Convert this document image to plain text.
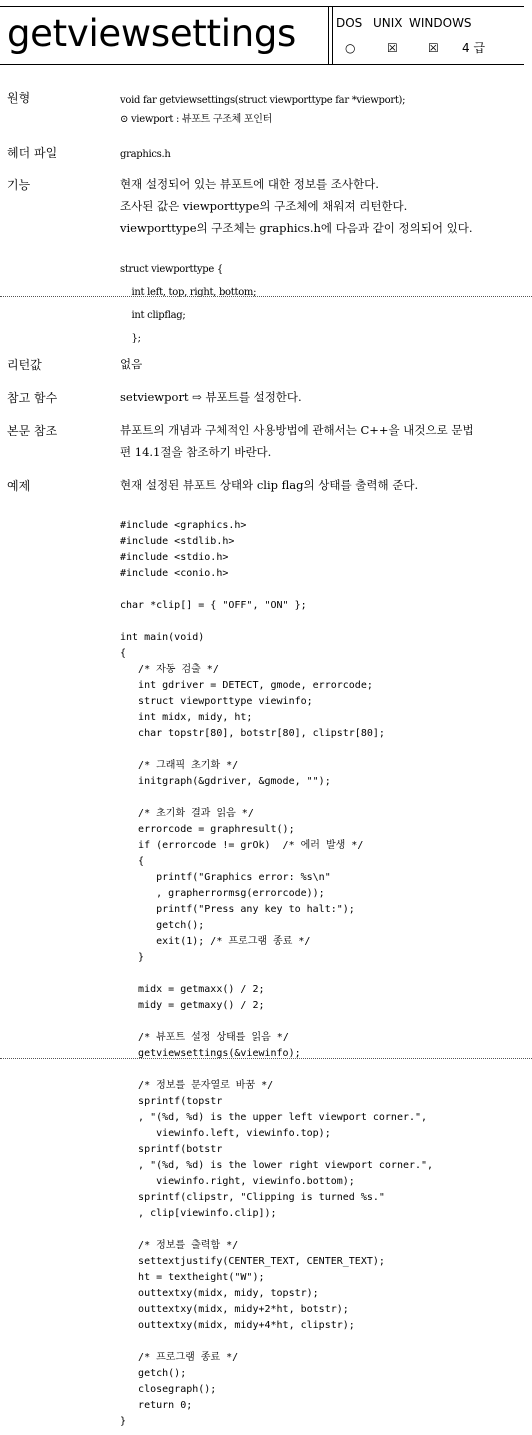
getviewsettings	DOS UNIX WINDOWS
○	☒	☒ 4 급
원형	void far getviewsettings(struct viewporttype far *viewport);
⊙ viewport : 뷰포트 구조체 포인터
헤더 파일	graphics.h
기능	현재 설정되어 있는 뷰포트에 대한 정보를 조사한다.
조사된 값은 viewporttype의 구조체에 채워져 리턴한다.
viewporttype의 구조체는 graphics.h에 다음과 같이 정의되어 있다.
struct viewporttype {
int left, top, right, bottom;
int clipflag;
};
리턴값	없음
참고 함수	setviewport ⇨ 뷰포트를 설정한다.
본문 참조	뷰포트의 개념과 구체적인 사용방법에 관해서는 C++을 내것으로 문법
편 14.1절을 참조하기 바란다.
예제	현재 설정된 뷰포트 상태와 clip flag의 상태를 출력해 준다.
#include <graphics.h>
#include <stdlib.h>
#include <stdio.h>
#include <conio.h>
char *clip[] = { "OFF", "ON" };
int main(void)
{
/* 자동 검출 */
int gdriver = DETECT, gmode, errorcode;
struct viewporttype viewinfo;
int midx, midy, ht;
char topstr[80], botstr[80], clipstr[80];
/* 그래픽 초기화 */
initgraph(&gdriver, &gmode, "");
/* 초기화 결과 읽음 */
errorcode = graphresult();
if (errorcode != grOk)  /* 에러 발생 */
{
printf("Graphics error: %s\n"
, grapherrormsg(errorcode));
printf("Press any key to halt:");
getch();
exit(1); /* 프로그램 종료 */
}
midx = getmaxx() / 2;
midy = getmaxy() / 2;
/* 뷰포트 설정 상태를 읽음 */
getviewsettings(&viewinfo);
/* 정보를 문자열로 바꿈 */
sprintf(topstr
, "(%d, %d) is the upper left viewport corner.",
viewinfo.left, viewinfo.top);
sprintf(botstr
, "(%d, %d) is the lower right viewport corner.",
viewinfo.right, viewinfo.bottom);
sprintf(clipstr, "Clipping is turned %s."
, clip[viewinfo.clip]);
/* 정보를 출력함 */
settextjustify(CENTER_TEXT, CENTER_TEXT);
ht = textheight("W");
outtextxy(midx, midy, topstr);
outtextxy(midx, midy+2*ht, botstr);
outtextxy(midx, midy+4*ht, clipstr);
/* 프로그램 종료 */
getch();
closegraph();
return 0;
}
